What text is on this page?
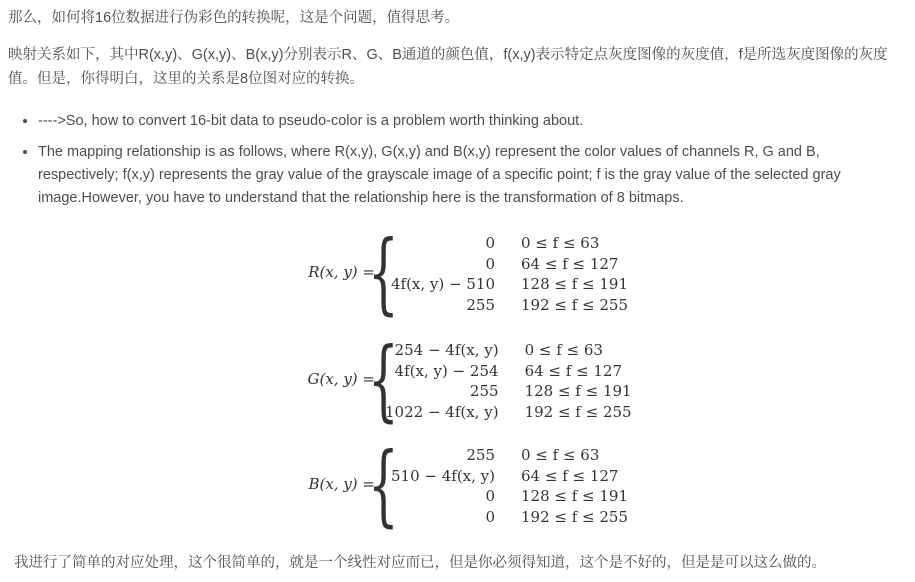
那么，如何将16位数据进行伪彩色的转换呢，这是个问题，值得思考。
映射关系如下，其中R(x,y)、G(x,y)、B(x,y)分别表示R、G、B通道的颜色值，f(x,y)表示特定点灰度图像的灰度值，f是所选灰度图像的灰度值。但是，你得明白，这里的关系是8位图对应的转换。
• ---->So, how to convert 16-bit data to pseudo-color is a problem worth thinking about.
• The mapping relationship is as follows, where R(x,y), G(x,y) and B(x,y) represent the color values of channels R, G and B, respectively; f(x,y) represents the gray value of the grayscale image of a specific point; f is the gray value of the selected gray image.However, you have to understand that the relationship here is the transformation of 8 bitmaps.
R(x, y) =
{	0	0 ≤ f ≤ 63
0	64 ≤ f ≤ 127
4f(x, y) − 510	128 ≤ f ≤ 191
255	192 ≤ f ≤ 255
G(x, y) =
{
254 − 4f(x, y)	0 ≤ f ≤ 63
4f(x, y) − 254	64 ≤ f ≤ 127
255	128 ≤ f ≤ 191
1022 − 4f(x, y)	192 ≤ f ≤ 255
B(x, y) =
{	255	0 ≤ f ≤ 63
510 − 4f(x, y)	64 ≤ f ≤ 127
0	128 ≤ f ≤ 191
0	192 ≤ f ≤ 255
我进行了简单的对应处理，这个很简单的，就是一个线性对应而已，但是你必须得知道，这个是不好的，但是是可以这么做的。
